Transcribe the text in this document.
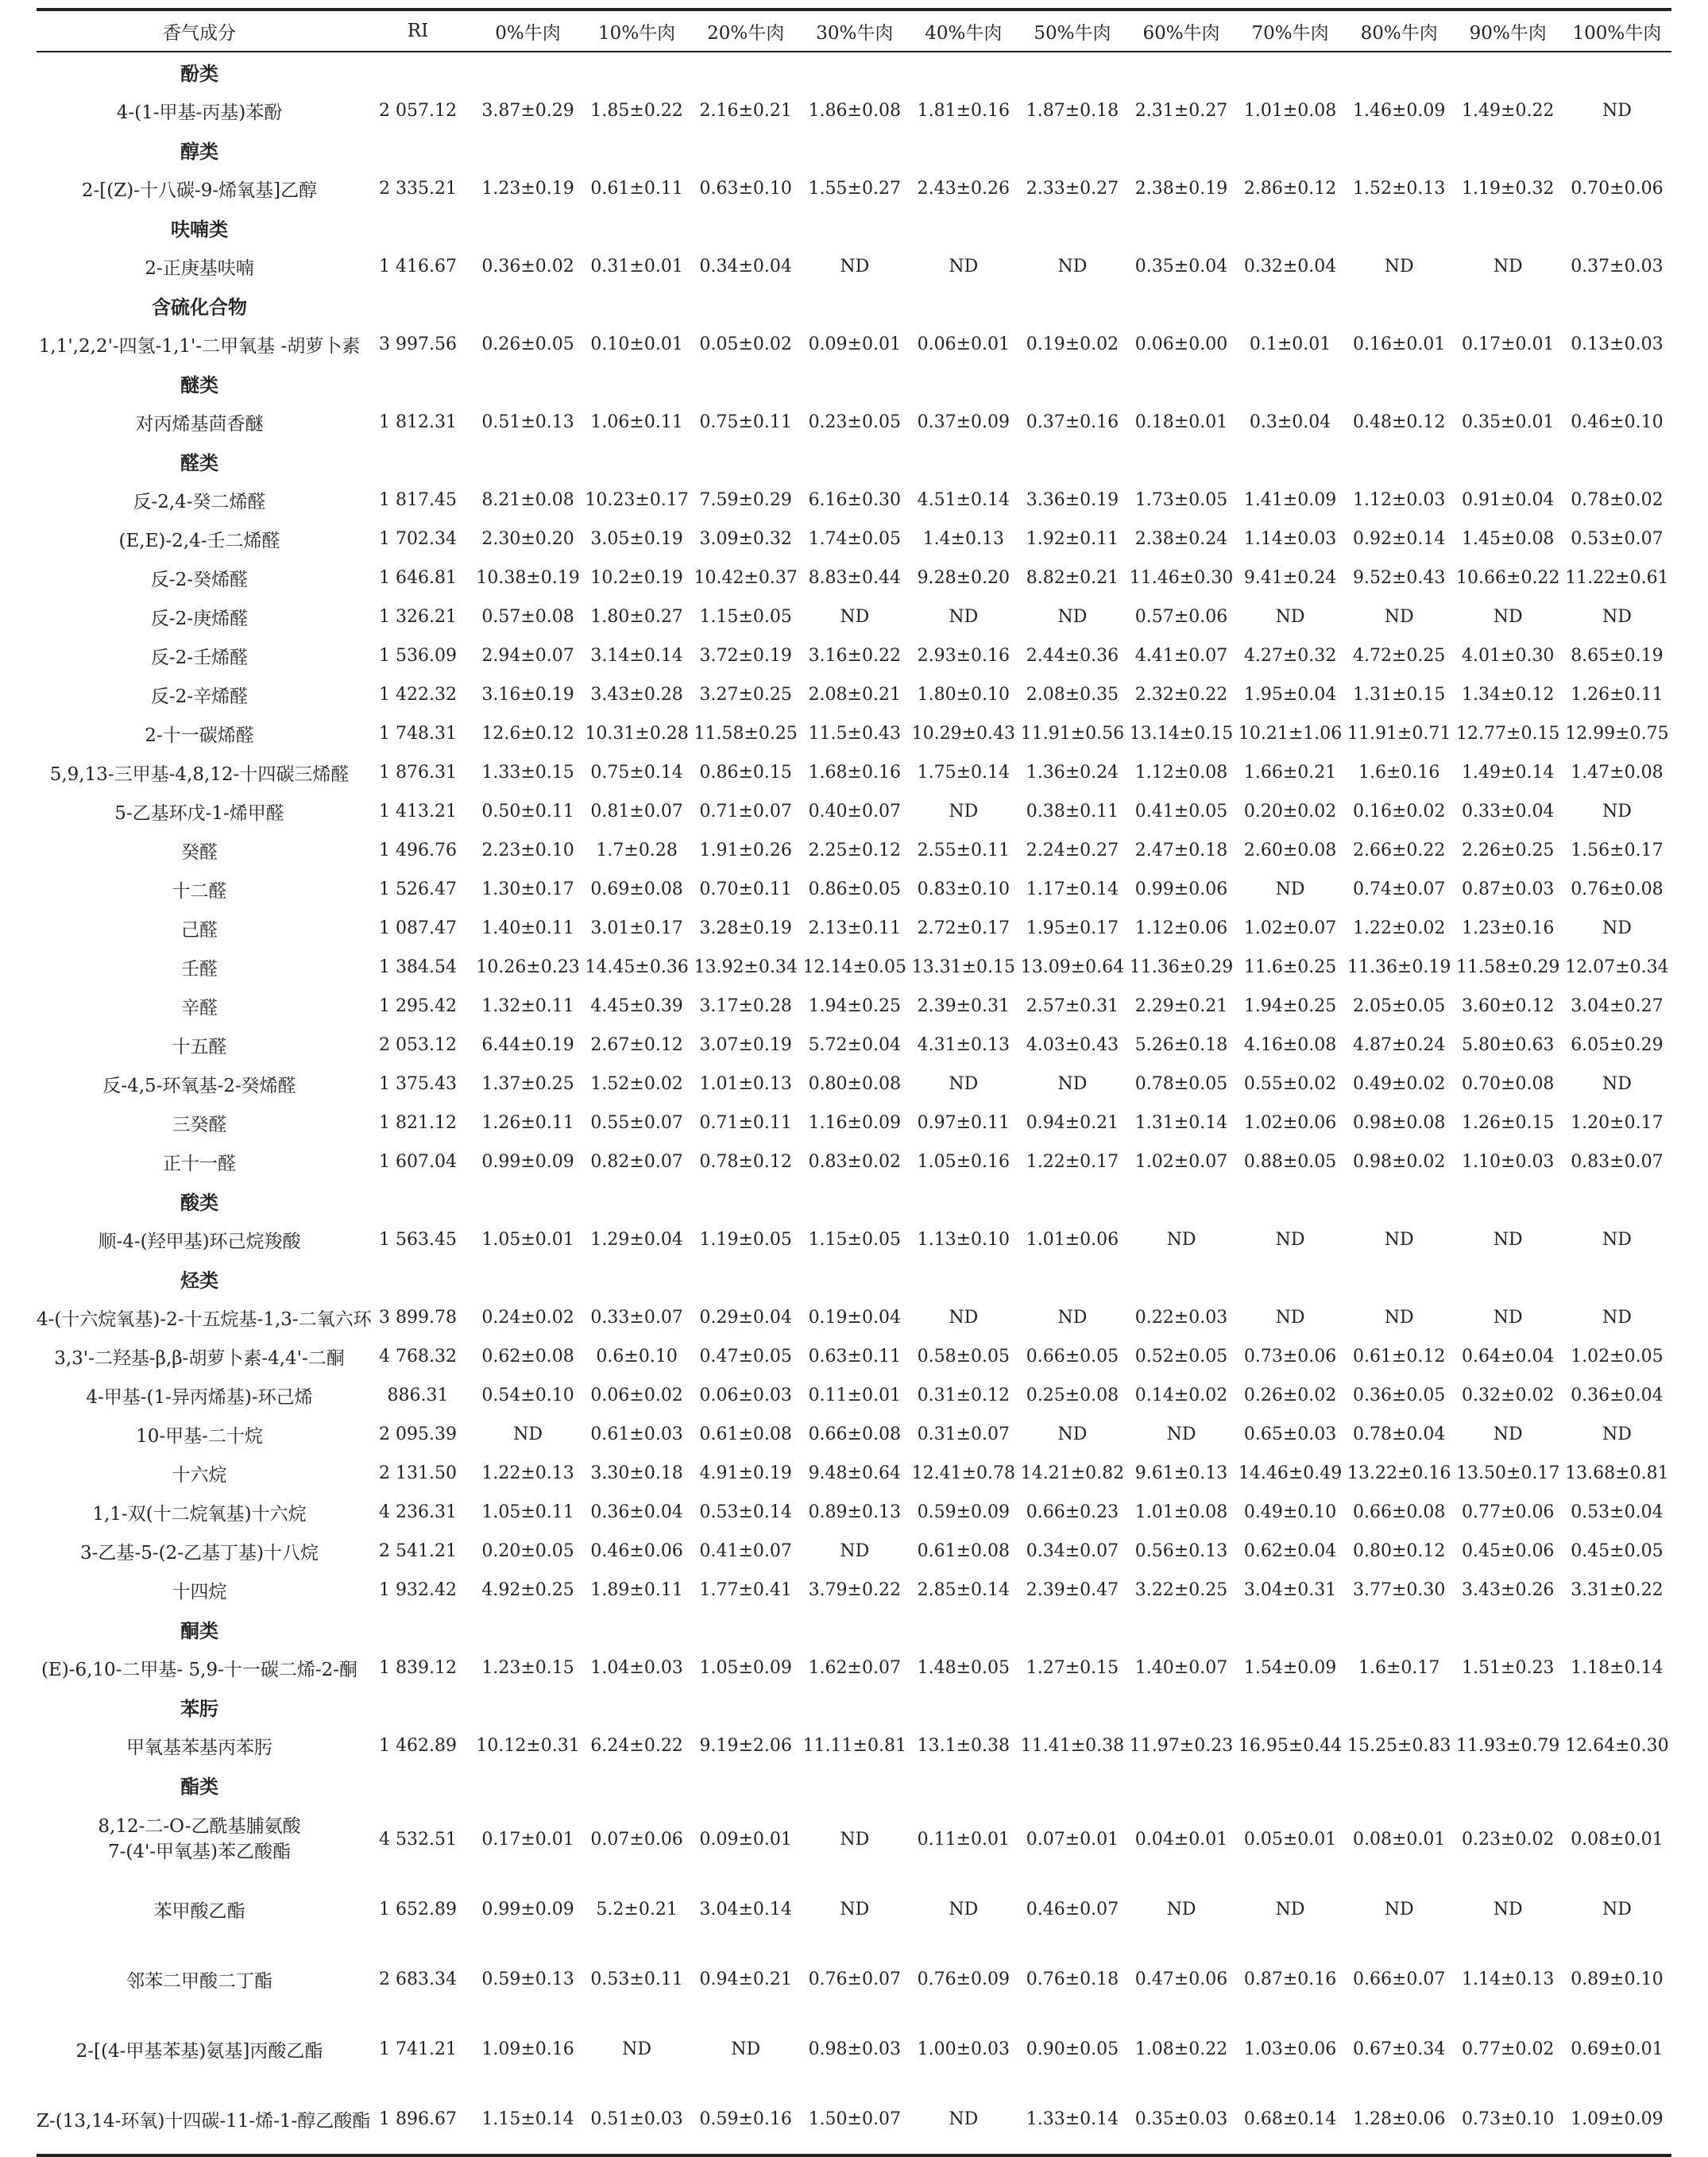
香气成分	RI	0%牛肉	10%牛肉	20%牛肉	30%牛肉	40%牛肉	50%牛肉	60%牛肉	70%牛肉	80%牛肉	90%牛肉	100%牛肉
酚类												
4-(1-甲基-丙基)苯酚	2 057.12	3.87±0.29	1.85±0.22	2.16±0.21	1.86±0.08	1.81±0.16	1.87±0.18	2.31±0.27	1.01±0.08	1.46±0.09	1.49±0.22	ND
醇类												
2-[(Z)-十八碳-9-烯氧基]乙醇	2 335.21	1.23±0.19	0.61±0.11	0.63±0.10	1.55±0.27	2.43±0.26	2.33±0.27	2.38±0.19	2.86±0.12	1.52±0.13	1.19±0.32	0.70±0.06
呋喃类												
2-正庚基呋喃	1 416.67	0.36±0.02	0.31±0.01	0.34±0.04	ND	ND	ND	0.35±0.04	0.32±0.04	ND	ND	0.37±0.03
含硫化合物												
1,1',2,2'-四氢-1,1'-二甲氧基 -胡萝卜素	3 997.56	0.26±0.05	0.10±0.01	0.05±0.02	0.09±0.01	0.06±0.01	0.19±0.02	0.06±0.00	0.1±0.01	0.16±0.01	0.17±0.01	0.13±0.03
醚类												
对丙烯基茴香醚	1 812.31	0.51±0.13	1.06±0.11	0.75±0.11	0.23±0.05	0.37±0.09	0.37±0.16	0.18±0.01	0.3±0.04	0.48±0.12	0.35±0.01	0.46±0.10
醛类												
反-2,4-癸二烯醛	1 817.45	8.21±0.08	10.23±0.17	7.59±0.29	6.16±0.30	4.51±0.14	3.36±0.19	1.73±0.05	1.41±0.09	1.12±0.03	0.91±0.04	0.78±0.02
(E,E)-2,4-壬二烯醛	1 702.34	2.30±0.20	3.05±0.19	3.09±0.32	1.74±0.05	1.4±0.13	1.92±0.11	2.38±0.24	1.14±0.03	0.92±0.14	1.45±0.08	0.53±0.07
反-2-癸烯醛	1 646.81	10.38±0.19	10.2±0.19	10.42±0.37	8.83±0.44	9.28±0.20	8.82±0.21	11.46±0.30	9.41±0.24	9.52±0.43	10.66±0.22	11.22±0.61
反-2-庚烯醛	1 326.21	0.57±0.08	1.80±0.27	1.15±0.05	ND	ND	ND	0.57±0.06	ND	ND	ND	ND
反-2-壬烯醛	1 536.09	2.94±0.07	3.14±0.14	3.72±0.19	3.16±0.22	2.93±0.16	2.44±0.36	4.41±0.07	4.27±0.32	4.72±0.25	4.01±0.30	8.65±0.19
反-2-辛烯醛	1 422.32	3.16±0.19	3.43±0.28	3.27±0.25	2.08±0.21	1.80±0.10	2.08±0.35	2.32±0.22	1.95±0.04	1.31±0.15	1.34±0.12	1.26±0.11
2-十一碳烯醛	1 748.31	12.6±0.12	10.31±0.28	11.58±0.25	11.5±0.43	10.29±0.43	11.91±0.56	13.14±0.15	10.21±1.06	11.91±0.71	12.77±0.15	12.99±0.75
5,9,13-三甲基-4,8,12-十四碳三烯醛	1 876.31	1.33±0.15	0.75±0.14	0.86±0.15	1.68±0.16	1.75±0.14	1.36±0.24	1.12±0.08	1.66±0.21	1.6±0.16	1.49±0.14	1.47±0.08
5-乙基环戊-1-烯甲醛	1 413.21	0.50±0.11	0.81±0.07	0.71±0.07	0.40±0.07	ND	0.38±0.11	0.41±0.05	0.20±0.02	0.16±0.02	0.33±0.04	ND
癸醛	1 496.76	2.23±0.10	1.7±0.28	1.91±0.26	2.25±0.12	2.55±0.11	2.24±0.27	2.47±0.18	2.60±0.08	2.66±0.22	2.26±0.25	1.56±0.17
十二醛	1 526.47	1.30±0.17	0.69±0.08	0.70±0.11	0.86±0.05	0.83±0.10	1.17±0.14	0.99±0.06	ND	0.74±0.07	0.87±0.03	0.76±0.08
己醛	1 087.47	1.40±0.11	3.01±0.17	3.28±0.19	2.13±0.11	2.72±0.17	1.95±0.17	1.12±0.06	1.02±0.07	1.22±0.02	1.23±0.16	ND
壬醛	1 384.54	10.26±0.23	14.45±0.36	13.92±0.34	12.14±0.05	13.31±0.15	13.09±0.64	11.36±0.29	11.6±0.25	11.36±0.19	11.58±0.29	12.07±0.34
辛醛	1 295.42	1.32±0.11	4.45±0.39	3.17±0.28	1.94±0.25	2.39±0.31	2.57±0.31	2.29±0.21	1.94±0.25	2.05±0.05	3.60±0.12	3.04±0.27
十五醛	2 053.12	6.44±0.19	2.67±0.12	3.07±0.19	5.72±0.04	4.31±0.13	4.03±0.43	5.26±0.18	4.16±0.08	4.87±0.24	5.80±0.63	6.05±0.29
反-4,5-环氧基-2-癸烯醛	1 375.43	1.37±0.25	1.52±0.02	1.01±0.13	0.80±0.08	ND	ND	0.78±0.05	0.55±0.02	0.49±0.02	0.70±0.08	ND
三癸醛	1 821.12	1.26±0.11	0.55±0.07	0.71±0.11	1.16±0.09	0.97±0.11	0.94±0.21	1.31±0.14	1.02±0.06	0.98±0.08	1.26±0.15	1.20±0.17
正十一醛	1 607.04	0.99±0.09	0.82±0.07	0.78±0.12	0.83±0.02	1.05±0.16	1.22±0.17	1.02±0.07	0.88±0.05	0.98±0.02	1.10±0.03	0.83±0.07
酸类												
顺-4-(羟甲基)环己烷羧酸	1 563.45	1.05±0.01	1.29±0.04	1.19±0.05	1.15±0.05	1.13±0.10	1.01±0.06	ND	ND	ND	ND	ND
烃类												
4-(十六烷氧基)-2-十五烷基-1,3-二氧六环	3 899.78	0.24±0.02	0.33±0.07	0.29±0.04	0.19±0.04	ND	ND	0.22±0.03	ND	ND	ND	ND
3,3'-二羟基-β,β-胡萝卜素-4,4'-二酮	4 768.32	0.62±0.08	0.6±0.10	0.47±0.05	0.63±0.11	0.58±0.05	0.66±0.05	0.52±0.05	0.73±0.06	0.61±0.12	0.64±0.04	1.02±0.05
4-甲基-(1-异丙烯基)-环己烯	886.31	0.54±0.10	0.06±0.02	0.06±0.03	0.11±0.01	0.31±0.12	0.25±0.08	0.14±0.02	0.26±0.02	0.36±0.05	0.32±0.02	0.36±0.04
10-甲基-二十烷	2 095.39	ND	0.61±0.03	0.61±0.08	0.66±0.08	0.31±0.07	ND	ND	0.65±0.03	0.78±0.04	ND	ND
十六烷	2 131.50	1.22±0.13	3.30±0.18	4.91±0.19	9.48±0.64	12.41±0.78	14.21±0.82	9.61±0.13	14.46±0.49	13.22±0.16	13.50±0.17	13.68±0.81
1,1-双(十二烷氧基)十六烷	4 236.31	1.05±0.11	0.36±0.04	0.53±0.14	0.89±0.13	0.59±0.09	0.66±0.23	1.01±0.08	0.49±0.10	0.66±0.08	0.77±0.06	0.53±0.04
3-乙基-5-(2-乙基丁基)十八烷	2 541.21	0.20±0.05	0.46±0.06	0.41±0.07	ND	0.61±0.08	0.34±0.07	0.56±0.13	0.62±0.04	0.80±0.12	0.45±0.06	0.45±0.05
十四烷	1 932.42	4.92±0.25	1.89±0.11	1.77±0.41	3.79±0.22	2.85±0.14	2.39±0.47	3.22±0.25	3.04±0.31	3.77±0.30	3.43±0.26	3.31±0.22
酮类												
(E)-6,10-二甲基- 5,9-十一碳二烯-2-酮	1 839.12	1.23±0.15	1.04±0.03	1.05±0.09	1.62±0.07	1.48±0.05	1.27±0.15	1.40±0.07	1.54±0.09	1.6±0.17	1.51±0.23	1.18±0.14
苯肟												
甲氧基苯基丙苯肟	1 462.89	10.12±0.31	6.24±0.22	9.19±2.06	11.11±0.81	13.1±0.38	11.41±0.38	11.97±0.23	16.95±0.44	15.25±0.83	11.93±0.79	12.64±0.30
酯类												

8,12-二-O-乙酰基脯氨酸
7-(4'-甲氧基)苯乙酸酯	4 532.51	0.17±0.01	0.07±0.06	0.09±0.01	ND	0.11±0.01	0.07±0.01	0.04±0.01	0.05±0.01	0.08±0.01	0.23±0.02	0.08±0.01
苯甲酸乙酯	1 652.89	0.99±0.09	5.2±0.21	3.04±0.14	ND	ND	0.46±0.07	ND	ND	ND	ND	ND
邻苯二甲酸二丁酯	2 683.34	0.59±0.13	0.53±0.11	0.94±0.21	0.76±0.07	0.76±0.09	0.76±0.18	0.47±0.06	0.87±0.16	0.66±0.07	1.14±0.13	0.89±0.10
2-[(4-甲基苯基)氨基]丙酸乙酯	1 741.21	1.09±0.16	ND	ND	0.98±0.03	1.00±0.03	0.90±0.05	1.08±0.22	1.03±0.06	0.67±0.34	0.77±0.02	0.69±0.01
Z-(13,14-环氧)十四碳-11-烯-1-醇乙酸酯	1 896.67	1.15±0.14	0.51±0.03	0.59±0.16	1.50±0.07	ND	1.33±0.14	0.35±0.03	0.68±0.14	1.28±0.06	0.73±0.10	1.09±0.09
